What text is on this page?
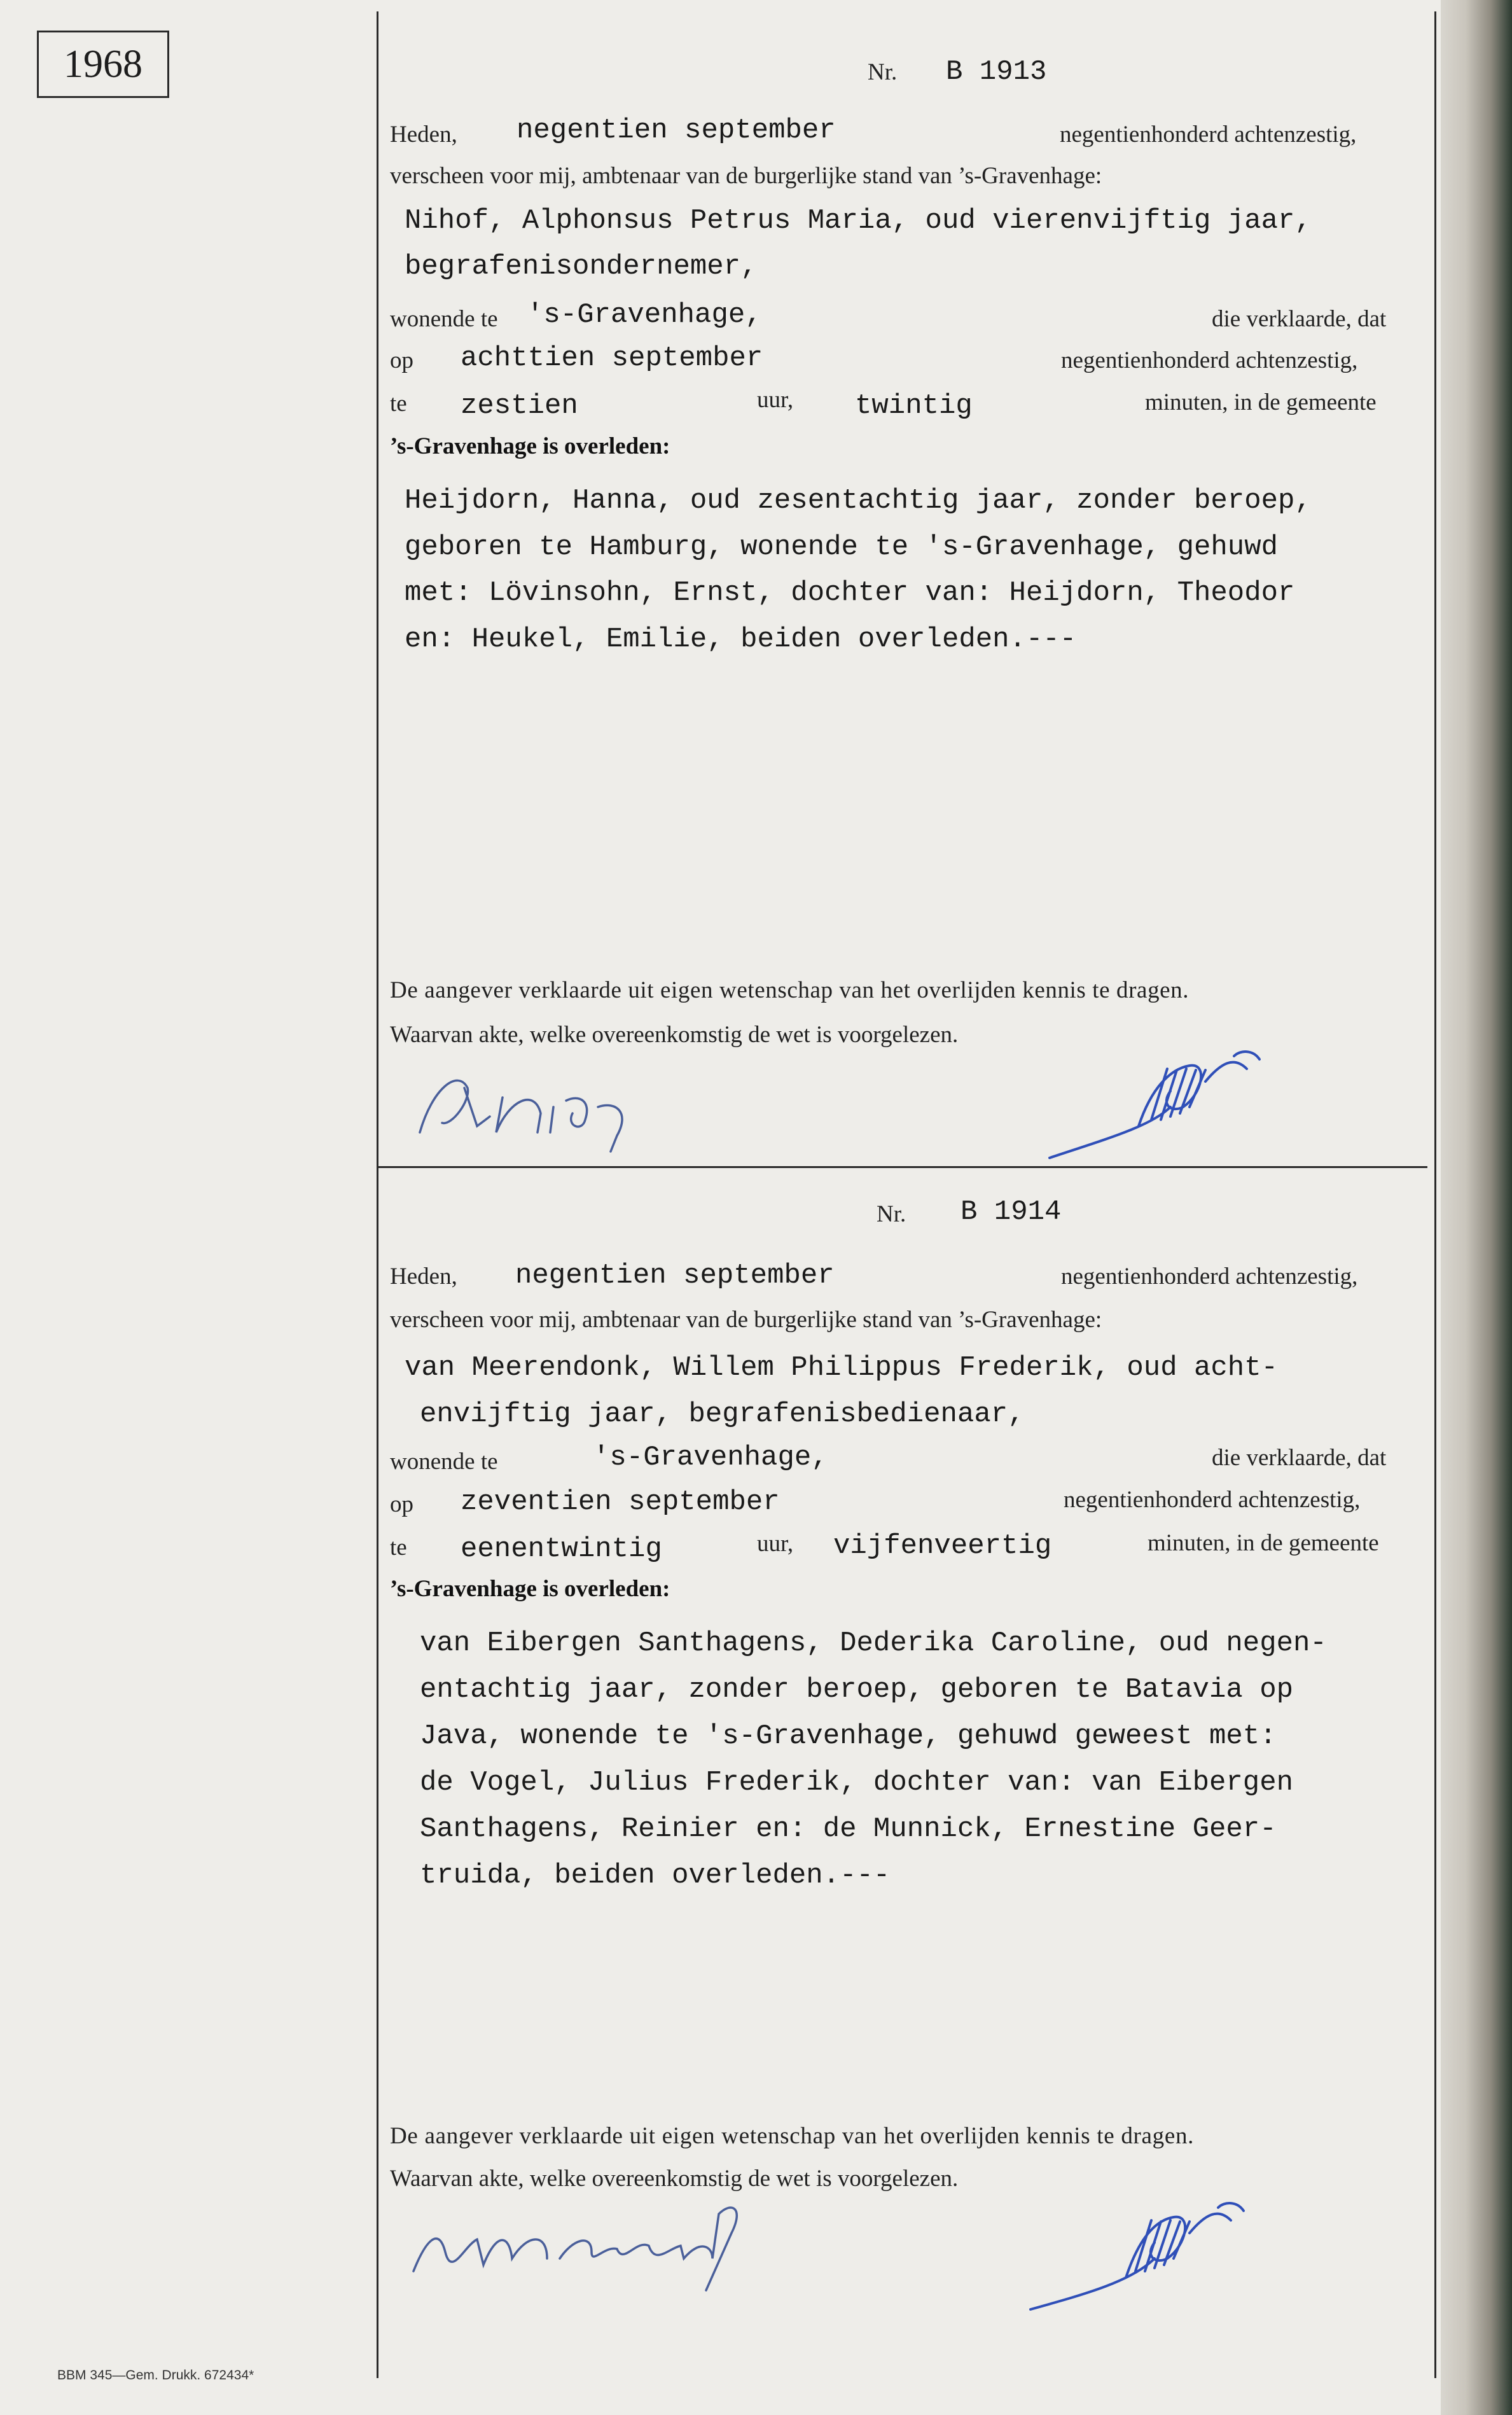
1968	Nr. B 1913
Heden, negentien september	negentienhonderd achtenzestig,
verscheen voor mij, ambtenaar van de burgerlijke stand van ’s-Gravenhage:
Nihof, Alphonsus Petrus Maria, oud vierenvijftig jaar,
begrafenisondernemer,
wonende te 's-Gravenhage,	die verklaarde, dat
op achttien september	negentienhonderd achtenzestig,
te zestien	uur, twintig	minuten, in de gemeente
’s-Gravenhage is overleden:
Heijdorn, Hanna, oud zesentachtig jaar, zonder beroep,
geboren te Hamburg, wonende te 's-Gravenhage, gehuwd
met: Lövinsohn, Ernst, dochter van: Heijdorn, Theodor
en: Heukel, Emilie, beiden overleden.---
De aangever verklaarde uit eigen wetenschap van het overlijden kennis te dragen.
Waarvan akte, welke overeenkomstig de wet is voorgelezen.
Nr. B 1914
Heden, negentien september	negentienhonderd achtenzestig,
verscheen voor mij, ambtenaar van de burgerlijke stand van ’s-Gravenhage:
van Meerendonk, Willem Philippus Frederik, oud acht-
envijftig jaar, begrafenisbedienaar,
wonende te	's-Gravenhage,	die verklaarde, dat
op zeventien september	negentienhonderd achtenzestig,
te eenentwintig	uur, vijfenveertig	minuten, in de gemeente
’s-Gravenhage is overleden:
van Eibergen Santhagens, Dederika Caroline, oud negen-
entachtig jaar, zonder beroep, geboren te Batavia op
Java, wonende te 's-Gravenhage, gehuwd geweest met:
de Vogel, Julius Frederik, dochter van: van Eibergen
Santhagens, Reinier en: de Munnick, Ernestine Geer-
truida, beiden overleden.---
De aangever verklaarde uit eigen wetenschap van het overlijden kennis te dragen.
Waarvan akte, welke overeenkomstig de wet is voorgelezen.
BBM 345—Gem. Drukk. 672434*
